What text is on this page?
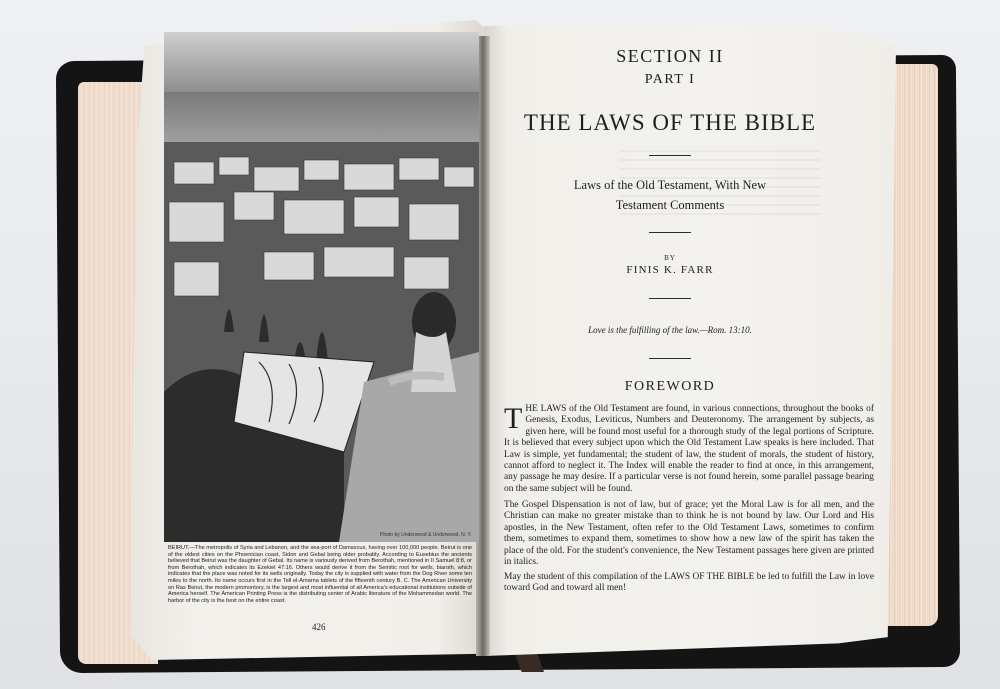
Photo by Underwood & Underwood, N. Y.
BEIRUT.—The metropolis of Syria and Lebanon, and the sea-port of Damascus, having over 100,000 people. Beirut is one of the oldest cities on the Phoenician coast, Sidon and Gebal being older probably. According to Eusebius the ancients believed that Beirut was the daughter of Gebal. Its name is variously derived from Berothah, mentioned in II Samuel 8:8, or from Berothah, which indicates its Ezekiel 47:16. Others would derive it from the Semitic root for wells, biaroth, which indicates that the place was noted for its wells originally. Today the city is supplied with water from the Dog River some ten miles to the north. Its name occurs first in the Tell el-Amarna tablets of the fifteenth century B. C. The American University on Ras Beirut, the modern promontory, is the largest and most influential of all America's educational institutions outside of America herself. The American Printing Press is the distributing center of Arabic literature of the Mohammedan world. The harbor of the city is the best on the entire coast.
426
SECTION II
PART I
THE LAWS OF THE BIBLE
Laws of the Old Testament, With New
Testament Comments
BY
FINIS K. FARR
Love is the fulfilling of the law.—Rom. 13:10.
FOREWORD
T HE LAWS of the Old Testament are found, in various connections, throughout the books of Genesis, Exodus, Leviticus, Numbers and Deuteronomy. The arrangement by subjects, as given here, will be found most useful for a thorough study of the legal portions of Scripture. It is believed that every subject upon which the Old Testament Law speaks is here included. That Law is simple, yet fundamental; the student of law, the student of morals, the student of history, cannot afford to neglect it. The Index will enable the reader to find at once, in this arrangement, any passage he may desire. If a particular verse is not found herein, some parallel passage bearing on the same subject will be found.
The Gospel Dispensation is not of law, but of grace; yet the Moral Law is for all men, and the Christian can make no greater mistake than to think he is not bound by law. Our Lord and His apostles, in the New Testament, often refer to the Old Testament Laws, sometimes to confirm them, sometimes to expand them, sometimes to show how a new law of the spirit has taken the place of the old. For the student's convenience, the New Testament passages here given are printed in italics.
May the student of this compilation of the LAWS OF THE BIBLE be led to fulfill the Law in love toward God and toward all men!
